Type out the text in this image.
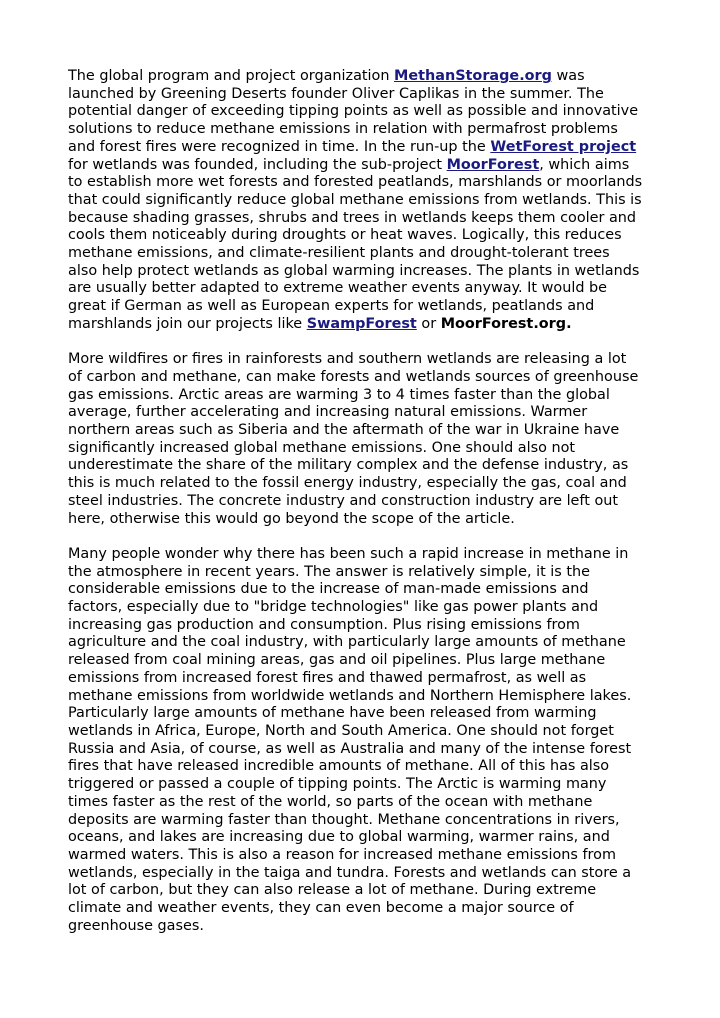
The global program and project organization MethanStorage.org was
launched by Greening Deserts founder Oliver Caplikas in the summer. The
potential danger of exceeding tipping points as well as possible and innovative
solutions to reduce methane emissions in relation with permafrost problems
and forest fires were recognized in time. In the run-up the WetForest project
for wetlands was founded, including the sub-project MoorForest, which aims
to establish more wet forests and forested peatlands, marshlands or moorlands
that could significantly reduce global methane emissions from wetlands. This is
because shading grasses, shrubs and trees in wetlands keeps them cooler and
cools them noticeably during droughts or heat waves. Logically, this reduces
methane emissions, and climate-resilient plants and drought-tolerant trees
also help protect wetlands as global warming increases. The plants in wetlands
are usually better adapted to extreme weather events anyway. It would be
great if German as well as European experts for wetlands, peatlands and
marshlands join our projects like SwampForest or MoorForest.org.
More wildfires or fires in rainforests and southern wetlands are releasing a lot
of carbon and methane, can make forests and wetlands sources of greenhouse
gas emissions. Arctic areas are warming 3 to 4 times faster than the global
average, further accelerating and increasing natural emissions. Warmer
northern areas such as Siberia and the aftermath of the war in Ukraine have
significantly increased global methane emissions. One should also not
underestimate the share of the military complex and the defense industry, as
this is much related to the fossil energy industry, especially the gas, coal and
steel industries. The concrete industry and construction industry are left out
here, otherwise this would go beyond the scope of the article.
Many people wonder why there has been such a rapid increase in methane in
the atmosphere in recent years. The answer is relatively simple, it is the
considerable emissions due to the increase of man-made emissions and
factors, especially due to "bridge technologies" like gas power plants and
increasing gas production and consumption. Plus rising emissions from
agriculture and the coal industry, with particularly large amounts of methane
released from coal mining areas, gas and oil pipelines. Plus large methane
emissions from increased forest fires and thawed permafrost, as well as
methane emissions from worldwide wetlands and Northern Hemisphere lakes.
Particularly large amounts of methane have been released from warming
wetlands in Africa, Europe, North and South America. One should not forget
Russia and Asia, of course, as well as Australia and many of the intense forest
fires that have released incredible amounts of methane. All of this has also
triggered or passed a couple of tipping points. The Arctic is warming many
times faster as the rest of the world, so parts of the ocean with methane
deposits are warming faster than thought. Methane concentrations in rivers,
oceans, and lakes are increasing due to global warming, warmer rains, and
warmed waters. This is also a reason for increased methane emissions from
wetlands, especially in the taiga and tundra. Forests and wetlands can store a
lot of carbon, but they can also release a lot of methane. During extreme
climate and weather events, they can even become a major source of
greenhouse gases.
